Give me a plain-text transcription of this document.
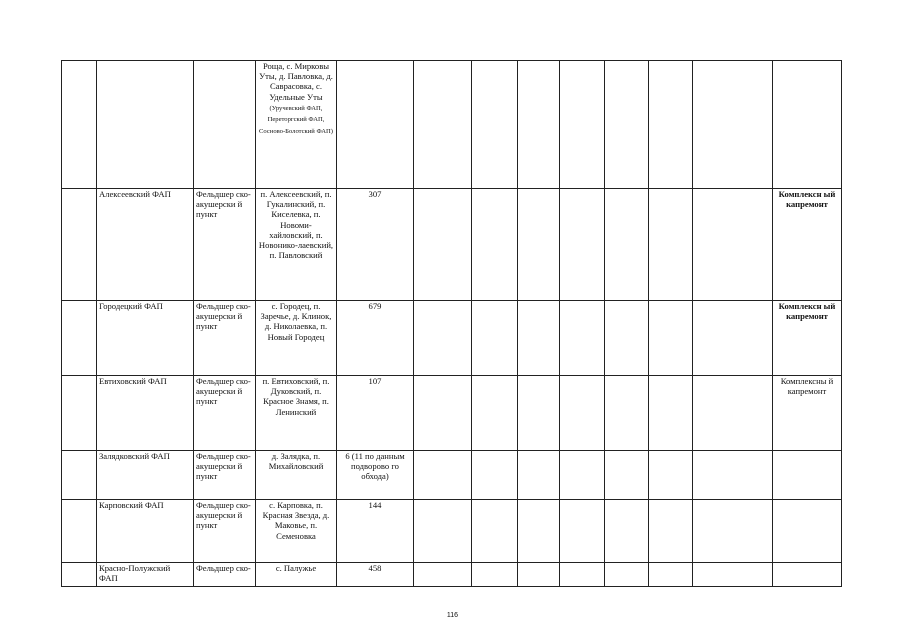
			Роща, с. Мирковы Уты, д. Павловка, д. Саврасовка, с. Удельные Уты (Уручевский ФАП, Переторгский ФАП, Сосново-Болотский ФАП)									
	Алексеевский ФАП	Фельдшер ско-акушерски й пункт	п. Алексеевский, п. Гукалинский, п. Киселевка, п. Новоми-хайловский, п. Новонико-лаевский, п. Павловский	307								Комплексн ый капремонт
	Городецкий ФАП	Фельдшер ско-акушерски й пункт	с. Городец, п. Заречье, д. Клинок, д. Николаевка, п. Новый Городец	679								Комплексн ый капремонт
	Евтиховский ФАП	Фельдшер ско-акушерски й пункт	п. Евтиховский, п. Дуковский, п. Красное Знамя, п. Ленинский	107								Комплексны й капремонт
	Залядковский ФАП	Фельдшер ско-акушерски й пункт	д. Залядка, п. Михайловский	6 (11 по данным подворово го обхода)								
	Карповский ФАП	Фельдшер ско-акушерски й пункт	с. Карповка, п. Красная Звезда, д. Маковье, п. Семеновка	144								
	Красно-Полужский ФАП	Фельдшер ско-	с. Палужье	458								
116
